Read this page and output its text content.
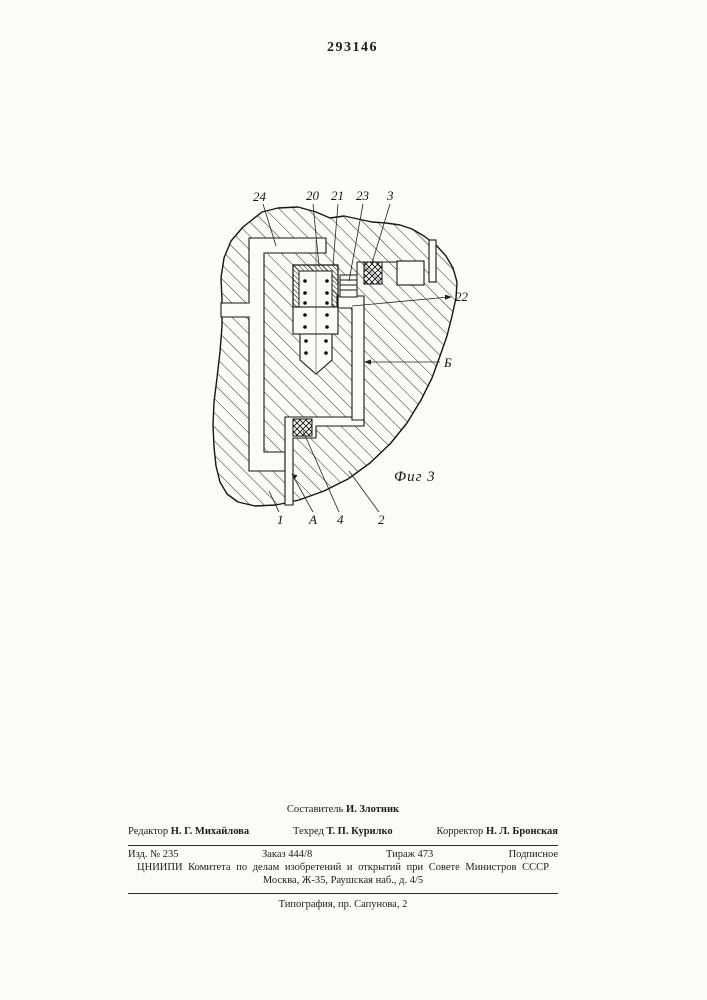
293146
24	20 21 23 3
22
Б
1 А 4	2
Фиг 3
Составитель И. Злотник
Редактор Н. Г. Михайлова	Техред Т. П. Курилко	Корректор Н. Л. Бронская
Изд. № 235	Заказ 444/8	Тираж 473	Подписное
ЦНИИПИ Комитета по делам изобретений и открытий при Совете Министров СССР
Москва, Ж-35, Раушская наб., д. 4/5
Типография, пр. Сапунова, 2
